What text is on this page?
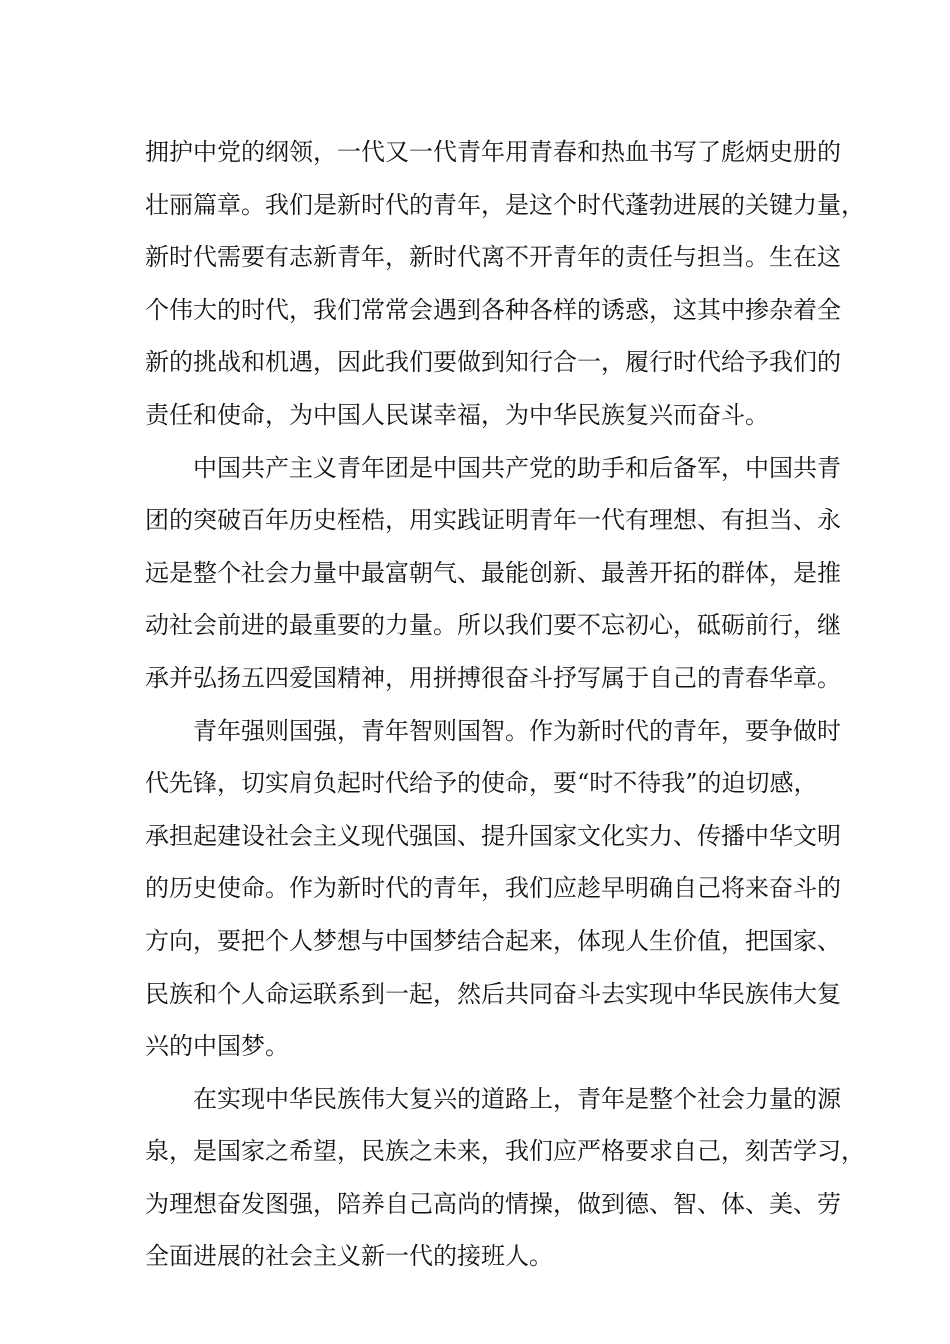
拥护中党的纲领，一代又一代青年用青春和热血书写了彪炳史册的
壮丽篇章。我们是新时代的青年，是这个时代蓬勃进展的关键力量，
新时代需要有志新青年，新时代离不开青年的责任与担当。生在这
个伟大的时代，我们常常会遇到各种各样的诱惑，这其中掺杂着全
新的挑战和机遇，因此我们要做到知行合一，履行时代给予我们的
责任和使命，为中国人民谋幸福，为中华民族复兴而奋斗。
中国共产主义青年团是中国共产党的助手和后备军，中国共青
团的突破百年历史桎梏，用实践证明青年一代有理想、有担当、永
远是整个社会力量中最富朝气、最能创新、最善开拓的群体，是推
动社会前进的最重要的力量。所以我们要不忘初心，砥砺前行，继
承并弘扬五四爱国精神，用拼搏很奋斗抒写属于自己的青春华章。
青年强则国强，青年智则国智。作为新时代的青年，要争做时
代先锋，切实肩负起时代给予的使命，要“时不待我”的迫切感，
承担起建设社会主义现代强国、提升国家文化实力、传播中华文明
的历史使命。作为新时代的青年，我们应趁早明确自己将来奋斗的
方向，要把个人梦想与中国梦结合起来，体现人生价值，把国家、
民族和个人命运联系到一起，然后共同奋斗去实现中华民族伟大复
兴的中国梦。
在实现中华民族伟大复兴的道路上，青年是整个社会力量的源
泉，是国家之希望，民族之未来，我们应严格要求自己，刻苦学习，
为理想奋发图强，陪养自己高尚的情操，做到德、智、体、美、劳
全面进展的社会主义新一代的接班人。
